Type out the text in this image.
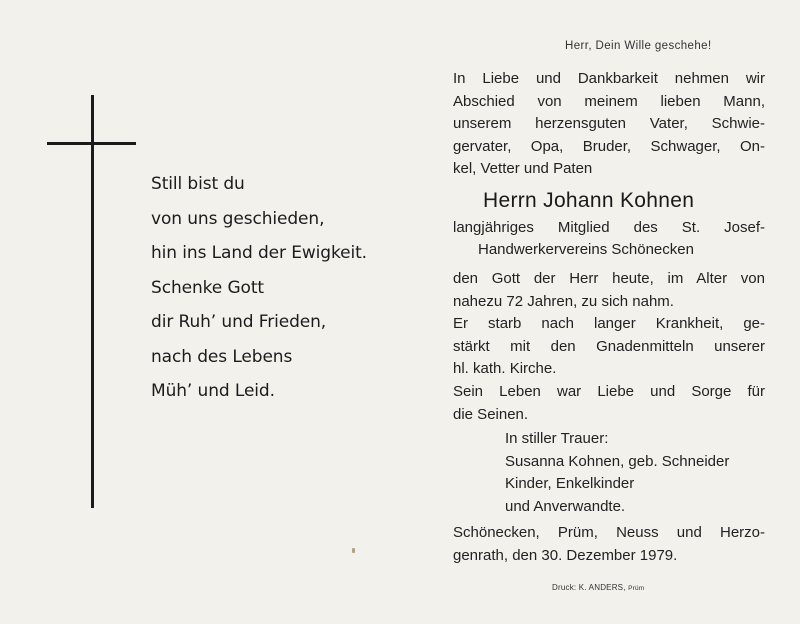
Still bist du
von uns geschieden,
hin ins Land der Ewigkeit.
Schenke Gott
dir Ruh’ und Frieden,
nach des Lebens
Müh’ und Leid.
Herr, Dein Wille geschehe!
In Liebe und Dankbarkeit nehmen wir
Abschied von meinem lieben Mann,
unserem herzensguten Vater, Schwie-
gervater, Opa, Bruder, Schwager, On-
kel, Vetter und Paten
Herrn Johann Kohnen
langjähriges Mitglied des St. Josef-
Handwerkervereins Schönecken
den Gott der Herr heute, im Alter von
nahezu 72 Jahren, zu sich nahm.
Er starb nach langer Krankheit, ge-
stärkt mit den Gnadenmitteln unserer
hl. kath. Kirche.
Sein Leben war Liebe und Sorge für
die Seinen.
In stiller Trauer:
Susanna Kohnen, geb. Schneider
Kinder, Enkelkinder
und Anverwandte.
Schönecken, Prüm, Neuss und Herzo-
genrath, den 30. Dezember 1979.
Druck: K. ANDERS, Prüm
